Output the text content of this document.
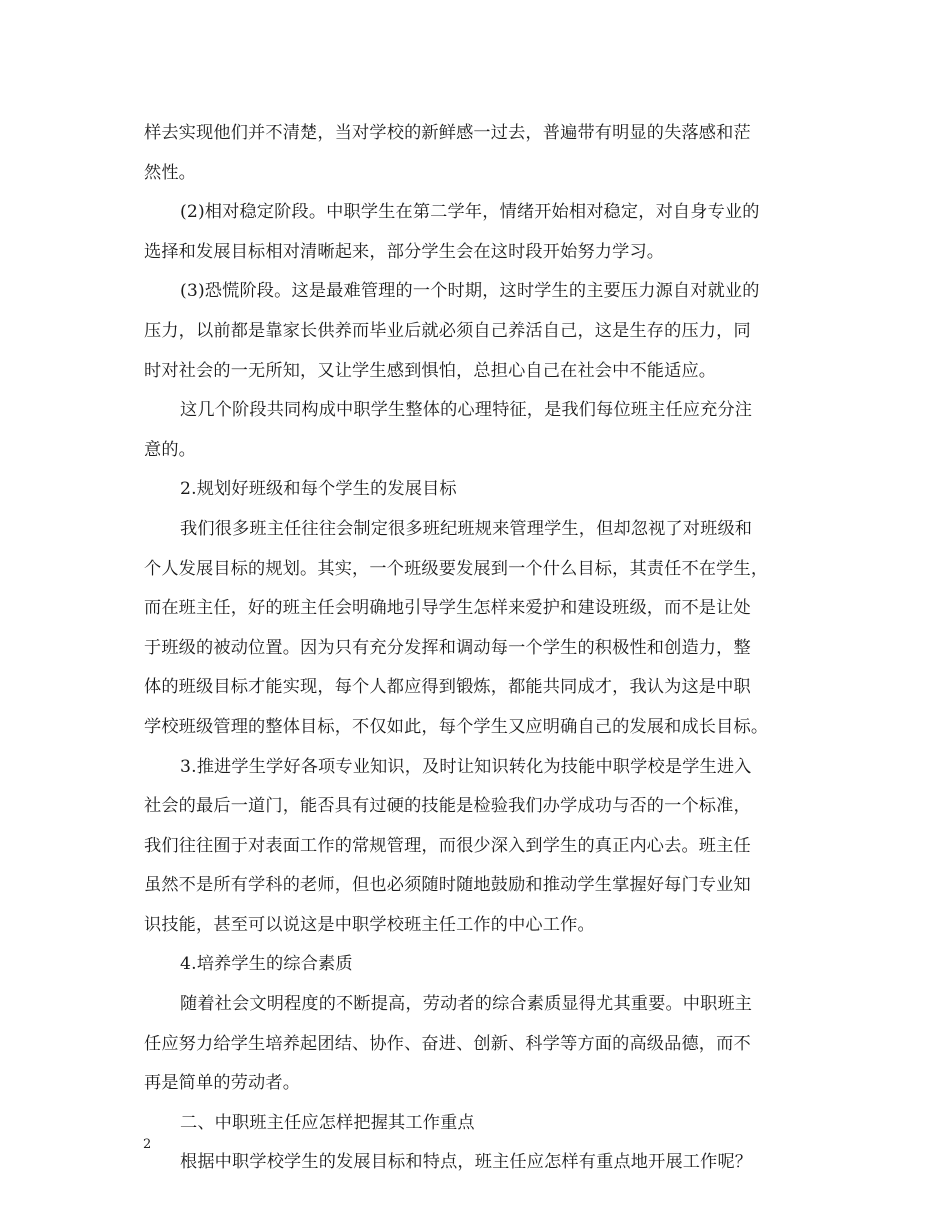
样去实现他们并不清楚，当对学校的新鲜感一过去，普遍带有明显的失落感和茫
然性。
(2)相对稳定阶段。中职学生在第二学年，情绪开始相对稳定，对自身专业的
选择和发展目标相对清晰起来，部分学生会在这时段开始努力学习。
(3)恐慌阶段。这是最难管理的一个时期，这时学生的主要压力源自对就业的
压力，以前都是靠家长供养而毕业后就必须自己养活自己，这是生存的压力，同
时对社会的一无所知，又让学生感到惧怕，总担心自己在社会中不能适应。
这几个阶段共同构成中职学生整体的心理特征，是我们每位班主任应充分注
意的。
2.规划好班级和每个学生的发展目标
我们很多班主任往往会制定很多班纪班规来管理学生，但却忽视了对班级和
个人发展目标的规划。其实，一个班级要发展到一个什么目标，其责任不在学生，
而在班主任，好的班主任会明确地引导学生怎样来爱护和建设班级，而不是让处
于班级的被动位置。因为只有充分发挥和调动每一个学生的积极性和创造力，整
体的班级目标才能实现，每个人都应得到锻炼，都能共同成才，我认为这是中职
学校班级管理的整体目标，不仅如此，每个学生又应明确自己的发展和成长目标。
3.推进学生学好各项专业知识，及时让知识转化为技能中职学校是学生进入
社会的最后一道门，能否具有过硬的技能是检验我们办学成功与否的一个标准，
我们往往囿于对表面工作的常规管理，而很少深入到学生的真正内心去。班主任
虽然不是所有学科的老师，但也必须随时随地鼓励和推动学生掌握好每门专业知
识技能，甚至可以说这是中职学校班主任工作的中心工作。
4.培养学生的综合素质
随着社会文明程度的不断提高，劳动者的综合素质显得尤其重要。中职班主
任应努力给学生培养起团结、协作、奋进、创新、科学等方面的高级品德，而不
再是简单的劳动者。
二、中职班主任应怎样把握其工作重点
根据中职学校学生的发展目标和特点，班主任应怎样有重点地开展工作呢？
2
